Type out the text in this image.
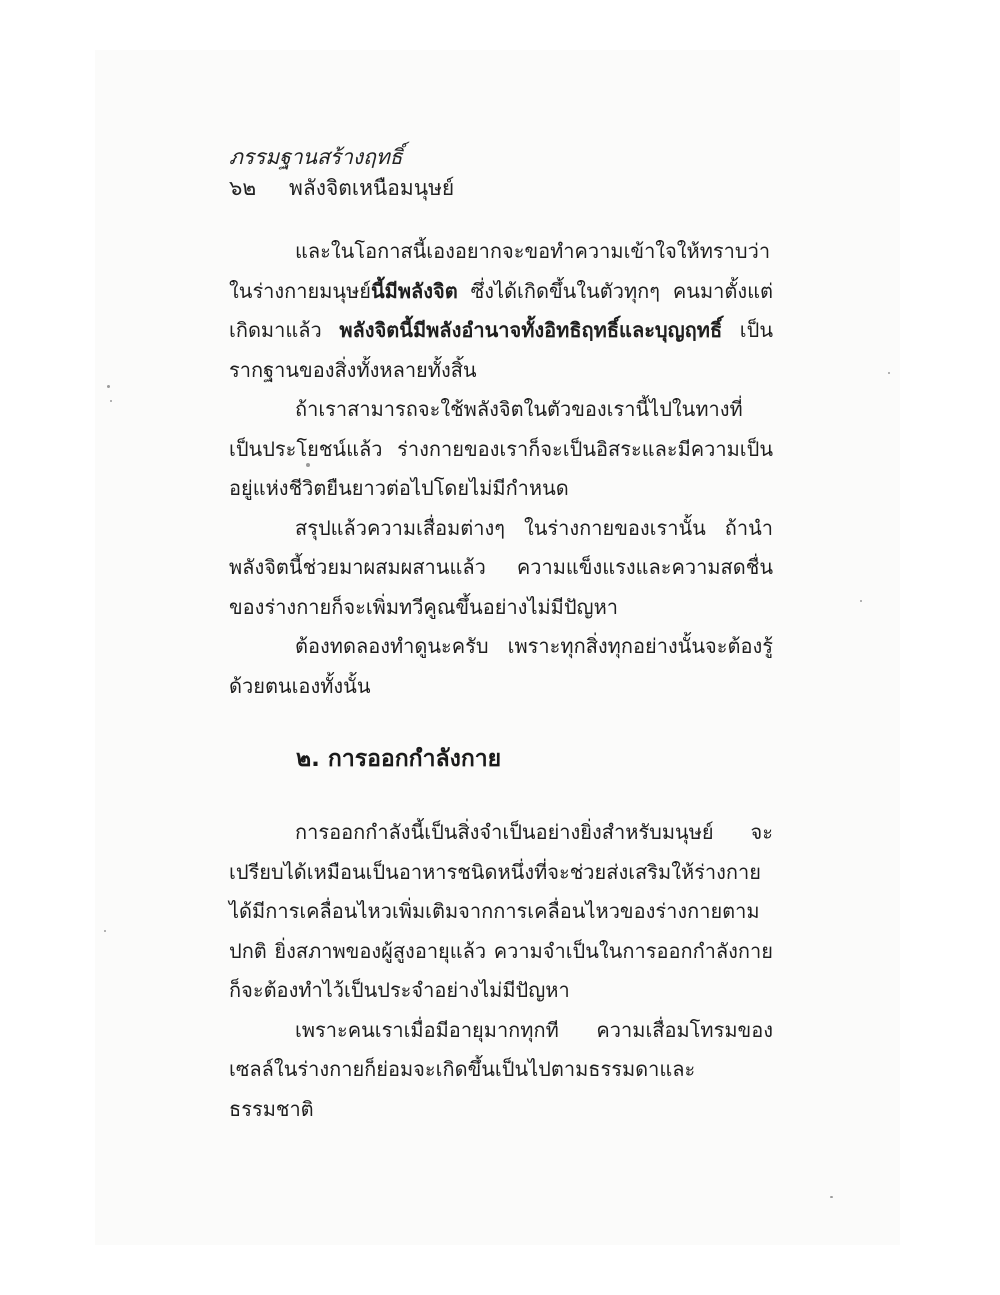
ภรรมฐานสร้างฤทธิ์
๖๒ พลังจิตเหนือมนุษย์

และในโอกาสนี้เองอยากจะขอทำความเข้าใจให้ทราบว่า ในร่างกายมนุษย์นี้มีพลังจิต ซึ่งได้เกิดขึ้นในตัวทุกๆ คนมาตั้งแต่เกิดมาแล้ว พลังจิตนี้มีพลังอำนาจทั้งอิทธิฤทธิ์และบุญฤทธิ์ เป็นรากฐานของสิ่งทั้งหลายทั้งสิ้น

ถ้าเราสามารถจะใช้พลังจิตในตัวของเรานี้ไปในทางที่เป็นประโยชน์แล้ว ร่างกายของเราก็จะเป็นอิสระและมีความเป็นอยู่แห่งชีวิตยืนยาวต่อไปโดยไม่มีกำหนด

สรุปแล้วความเสื่อมต่างๆ ในร่างกายของเรานั้น ถ้านำพลังจิตนี้ช่วยมาผสมผสานแล้ว ความแข็งแรงและความสดชื่นของร่างกายก็จะเพิ่มทวีคูณขึ้นอย่างไม่มีปัญหา

ต้องทดลองทำดูนะครับ เพราะทุกสิ่งทุกอย่างนั้นจะต้องรู้ด้วยตนเองทั้งนั้น

๒. การออกกำลังกาย

การออกกำลังนี้เป็นสิ่งจำเป็นอย่างยิ่งสำหรับมนุษย์ จะเปรียบได้เหมือนเป็นอาหารชนิดหนึ่งที่จะช่วยส่งเสริมให้ร่างกายได้มีการเคลื่อนไหวเพิ่มเติมจากการเคลื่อนไหวของร่างกายตามปกติ ยิ่งสภาพของผู้สูงอายุแล้ว ความจำเป็นในการออกกำลังกายก็จะต้องทำไว้เป็นประจำอย่างไม่มีปัญหา

เพราะคนเราเมื่อมีอายุมากทุกที ความเสื่อมโทรมของเซลล์ในร่างกายก็ย่อมจะเกิดขึ้นเป็นไปตามธรรมดาและธรรมชาติ
